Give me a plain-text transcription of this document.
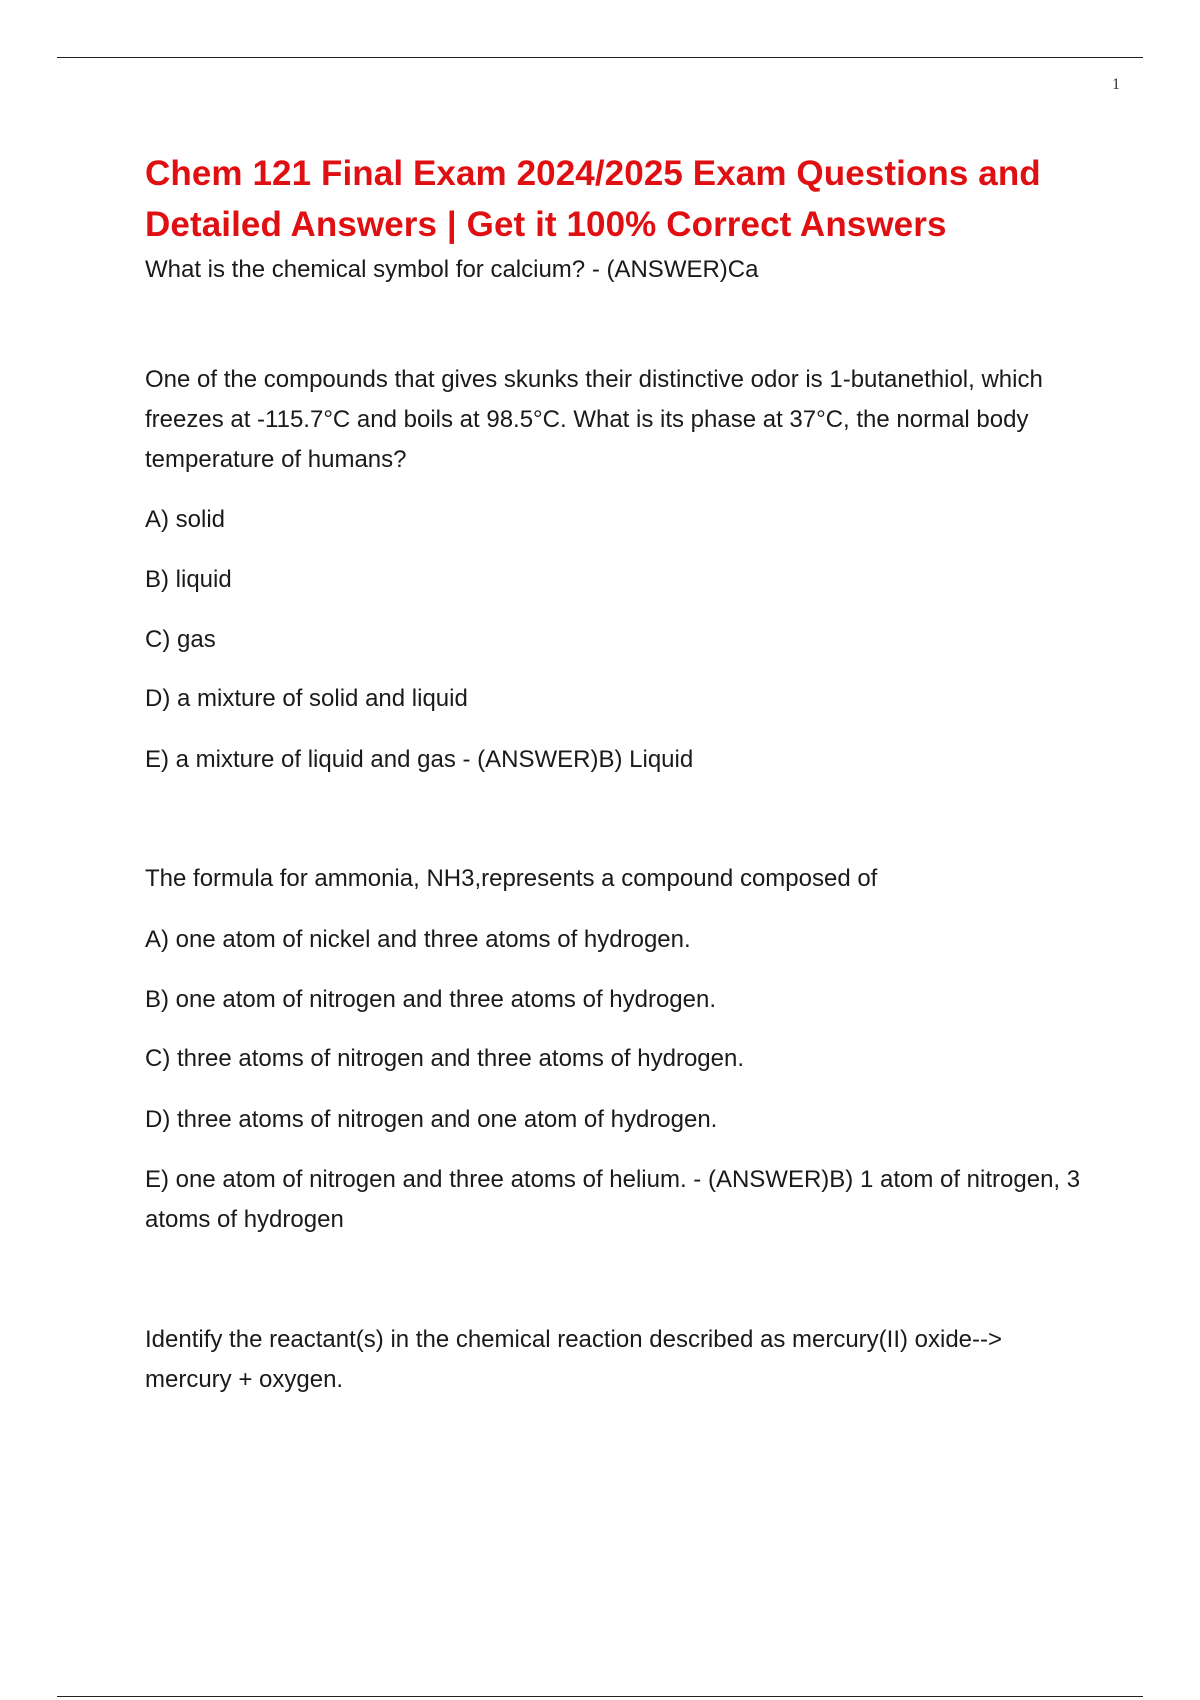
1
Chem 121 Final Exam 2024/2025 Exam Questions and Detailed Answers | Get it 100% Correct Answers

What is the chemical symbol for calcium? - (ANSWER)Ca

One of the compounds that gives skunks their distinctive odor is 1-butanethiol, which freezes at -115.7°C and boils at 98.5°C. What is its phase at 37°C, the normal body temperature of humans?

A) solid

B) liquid

C) gas

D) a mixture of solid and liquid

E) a mixture of liquid and gas - (ANSWER)B) Liquid

The formula for ammonia, NH3,represents a compound composed of

A) one atom of nickel and three atoms of hydrogen.

B) one atom of nitrogen and three atoms of hydrogen.

C) three atoms of nitrogen and three atoms of hydrogen.

D) three atoms of nitrogen and one atom of hydrogen.

E) one atom of nitrogen and three atoms of helium. - (ANSWER)B) 1 atom of nitrogen, 3 atoms of hydrogen

Identify the reactant(s) in the chemical reaction described as mercury(II) oxide--> mercury + oxygen.
